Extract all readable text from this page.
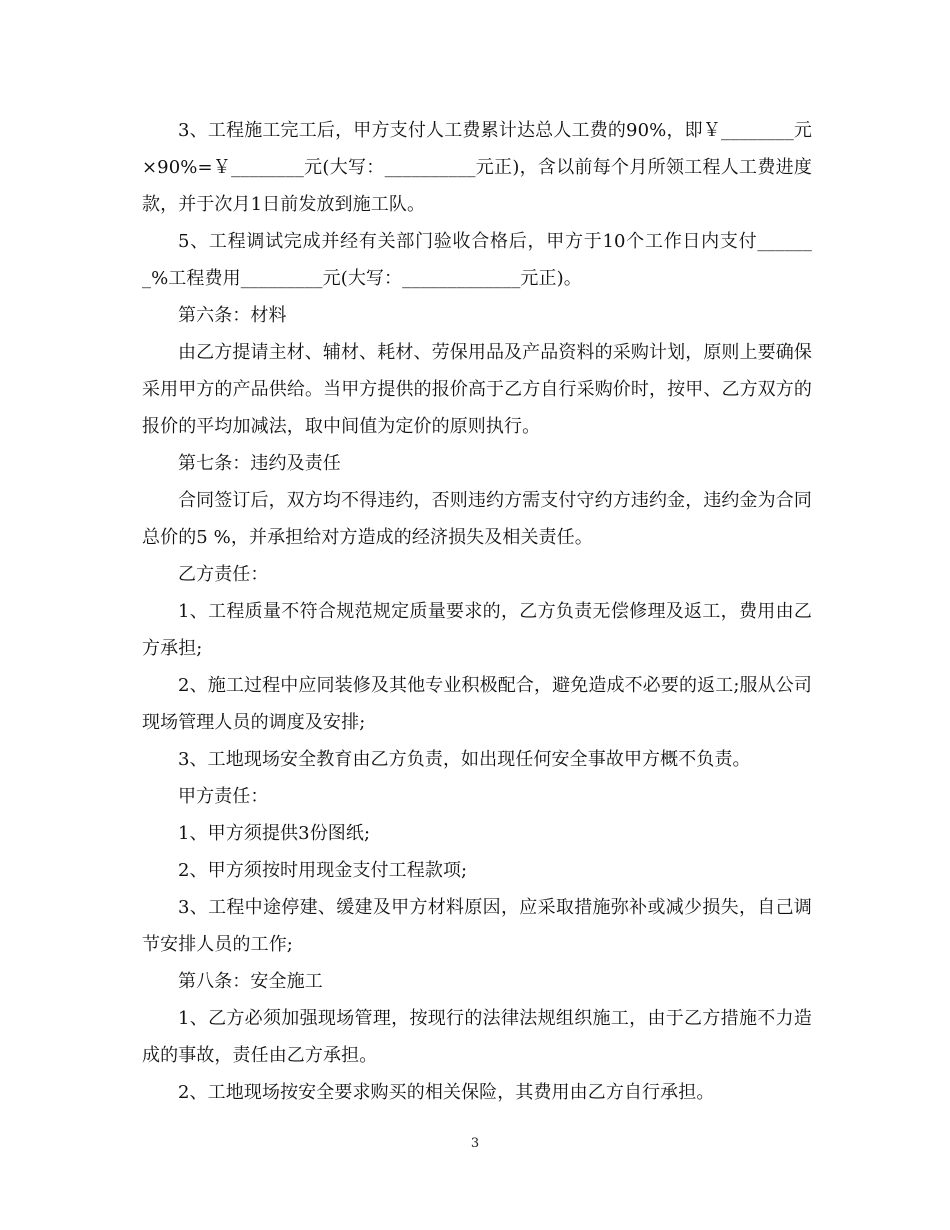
3、工程施工完工后，甲方支付人工费累计达总人工费的90%，即￥________元×90%=￥________元(大写：__________元正)，含以前每个月所领工程人工费进度款，并于次月1日前发放到施工队。

5、工程调试完成并经有关部门验收合格后，甲方于10个工作日内支付_______%工程费用_________元(大写：_____________元正)。

第六条：材料

由乙方提请主材、辅材、耗材、劳保用品及产品资料的采购计划，原则上要确保采用甲方的产品供给。当甲方提供的报价高于乙方自行采购价时，按甲、乙方双方的报价的平均加减法，取中间值为定价的原则执行。

第七条：违约及责任

合同签订后，双方均不得违约，否则违约方需支付守约方违约金，违约金为合同总价的5 %，并承担给对方造成的经济损失及相关责任。

乙方责任：

1、工程质量不符合规范规定质量要求的，乙方负责无偿修理及返工，费用由乙方承担;

2、施工过程中应同装修及其他专业积极配合，避免造成不必要的返工;服从公司现场管理人员的调度及安排;

3、工地现场安全教育由乙方负责，如出现任何安全事故甲方概不负责。

甲方责任：

1、甲方须提供3份图纸;

2、甲方须按时用现金支付工程款项;

3、工程中途停建、缓建及甲方材料原因，应采取措施弥补或减少损失，自己调节安排人员的工作;

第八条：安全施工

1、乙方必须加强现场管理，按现行的法律法规组织施工，由于乙方措施不力造成的事故，责任由乙方承担。

2、工地现场按安全要求购买的相关保险，其费用由乙方自行承担。

3
